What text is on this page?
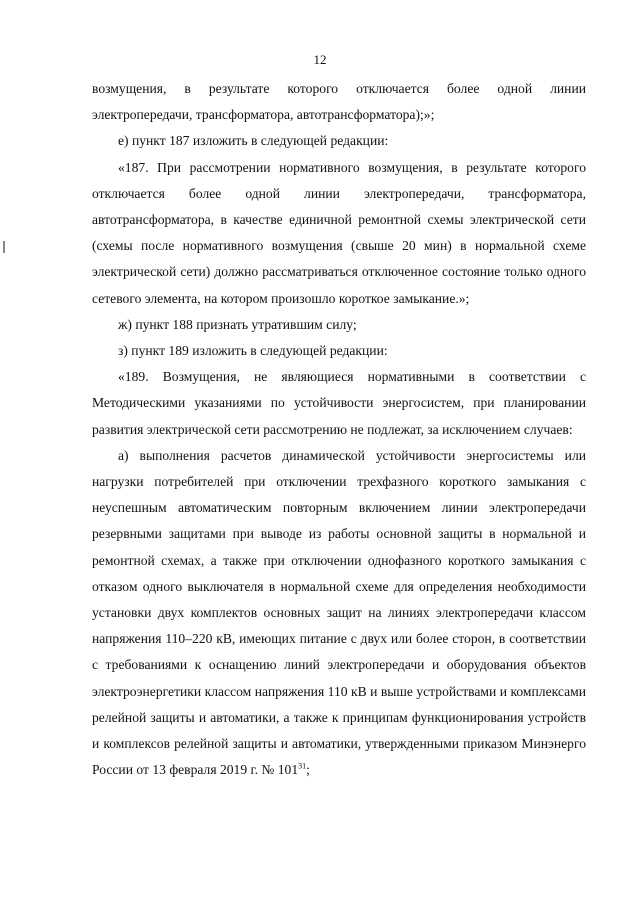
12

возмущения, в результате которого отключается более одной линии электропередачи, трансформатора, автотрансформатора);»;

е) пункт 187 изложить в следующей редакции:

«187. При рассмотрении нормативного возмущения, в результате которого отключается более одной линии электропередачи, трансформатора, автотрансформатора, в качестве единичной ремонтной схемы электрической сети (схемы после нормативного возмущения (свыше 20 мин) в нормальной схеме электрической сети) должно рассматриваться отключенное состояние только одного сетевого элемента, на котором произошло короткое замыкание.»;

ж) пункт 188 признать утратившим силу;

з) пункт 189 изложить в следующей редакции:

«189. Возмущения, не являющиеся нормативными в соответствии с Методическими указаниями по устойчивости энергосистем, при планировании развития электрической сети рассмотрению не подлежат, за исключением случаев:

а) выполнения расчетов динамической устойчивости энергосистемы или нагрузки потребителей при отключении трехфазного короткого замыкания с неуспешным автоматическим повторным включением линии электропередачи резервными защитами при выводе из работы основной защиты в нормальной и ремонтной схемах, а также при отключении однофазного короткого замыкания с отказом одного выключателя в нормальной схеме для определения необходимости установки двух комплектов основных защит на линиях электропередачи классом напряжения 110–220 кВ, имеющих питание с двух или более сторон, в соответствии с требованиями к оснащению линий электропередачи и оборудования объектов электроэнергетики классом напряжения 110 кВ и выше устройствами и комплексами релейной защиты и автоматики, а также к принципам функционирования устройств и комплексов релейной защиты и автоматики, утвержденными приказом Минэнерго России от 13 февраля 2019 г. № $101^{31}$;
